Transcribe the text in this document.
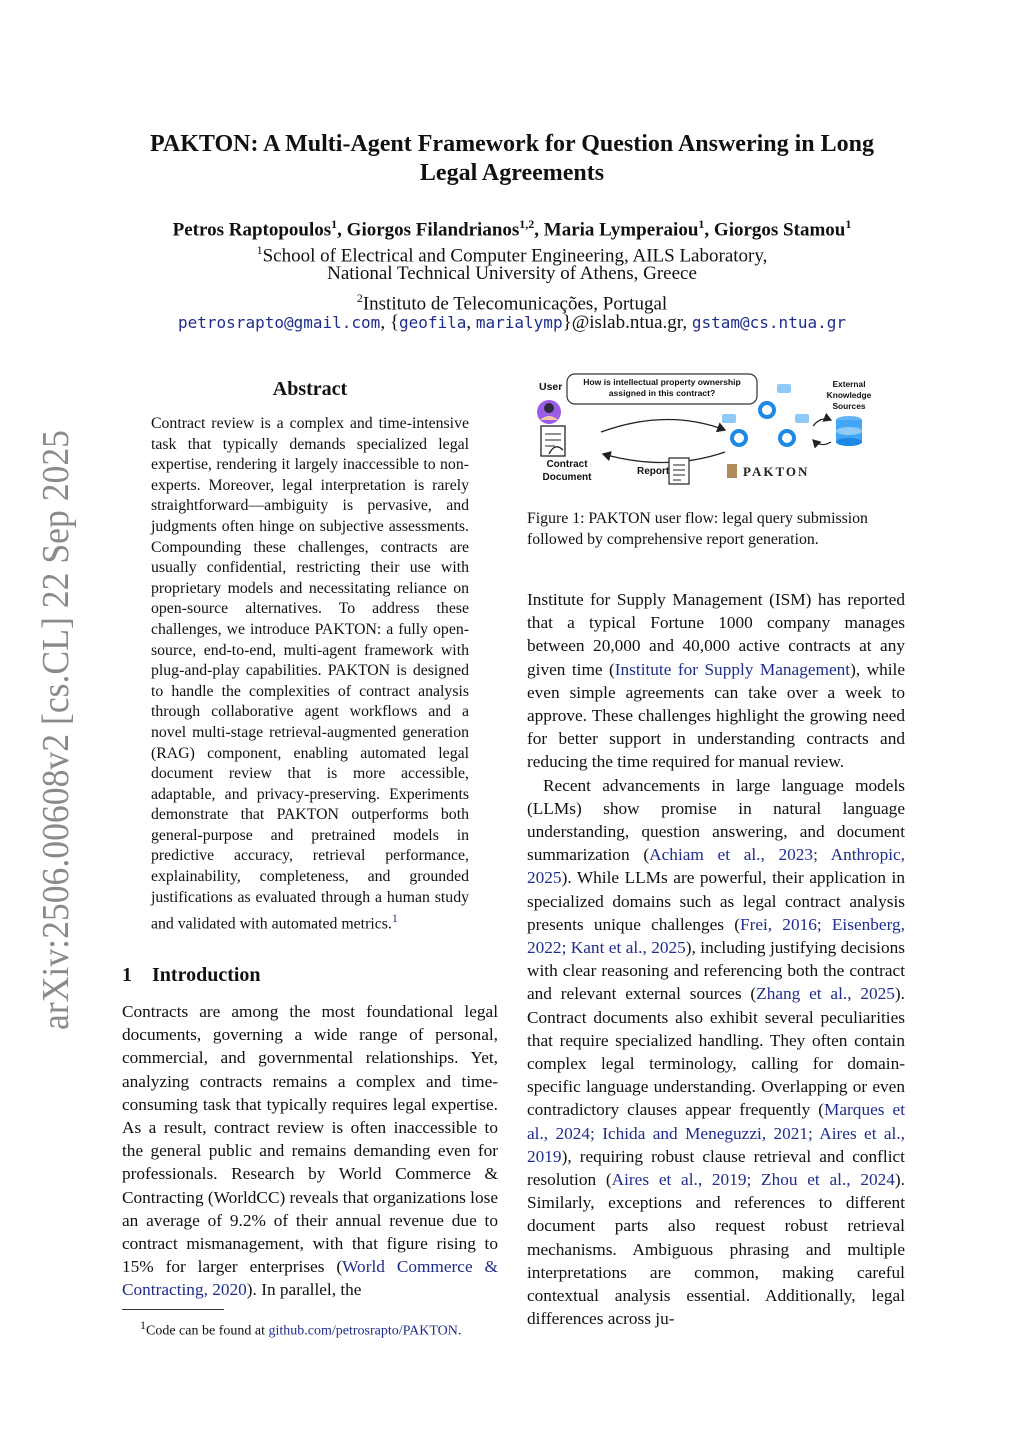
arXiv:2506.00608v2 [cs.CL] 22 Sep 2025
PAKTON: A Multi-Agent Framework for Question Answering in Long
Legal Agreements
Petros Raptopoulos$^1$, Giorgos Filandrianos$^{1,2}$, Maria Lymperaiou$^1$, Giorgos Stamou$^1$
$^1$School of Electrical and Computer Engineering, AILS Laboratory,
National Technical University of Athens, Greece
$^2$Instituto de Telecomunicações, Portugal
petrosrapto@gmail.com, {geofila, marialymp}@islab.ntua.gr, gstam@cs.ntua.gr
Abstract
Contract review is a complex and time-intensive task that typically demands specialized legal expertise, rendering it largely inaccessible to non-experts. Moreover, legal interpretation is rarely straightforward—ambiguity is pervasive, and judgments often hinge on subjective assessments. Compounding these challenges, contracts are usually confidential, restricting their use with proprietary models and necessitating reliance on open-source alternatives. To address these challenges, we introduce PAKTON: a fully open-source, end-to-end, multi-agent framework with plug-and-play capabilities. PAKTON is designed to handle the complexities of contract analysis through collaborative agent workflows and a novel multi-stage retrieval-augmented generation (RAG) component, enabling automated legal document review that is more accessible, adaptable, and privacy-preserving. Experiments demonstrate that PAKTON outperforms both general-purpose and pretrained models in predictive accuracy, retrieval performance, explainability, completeness, and grounded justifications as evaluated through a human study and validated with automated metrics.$^1$
1    Introduction

Contracts are among the most foundational legal documents, governing a wide range of personal, commercial, and governmental relationships. Yet, analyzing contracts remains a complex and time-consuming task that typically requires legal expertise. As a result, contract review is often inaccessible to the general public and remains demanding even for professionals. Research by World Commerce & Contracting (WorldCC) reveals that organizations lose an average of 9.2% of their annual revenue due to contract mismanagement, with that figure rising to 15% for larger enterprises (World Commerce & Contracting, 2020). In parallel, the

$^1$Code can be found at github.com/petrosrapto/PAKTON.
User How is intellectual property ownership
assigned in this contract?
Contract
Document
Report
External
Knowledge
Sources
PAKTON
Figure 1: PAKTON user flow: legal query submission followed by comprehensive report generation.

Institute for Supply Management (ISM) has reported that a typical Fortune 1000 company manages between 20,000 and 40,000 active contracts at any given time (Institute for Supply Management), while even simple agreements can take over a week to approve. These challenges highlight the growing need for better support in understanding contracts and reducing the time required for manual review.

Recent advancements in large language models (LLMs) show promise in natural language understanding, question answering, and document summarization (Achiam et al., 2023; Anthropic, 2025). While LLMs are powerful, their application in specialized domains such as legal contract analysis presents unique challenges (Frei, 2016; Eisenberg, 2022; Kant et al., 2025), including justifying decisions with clear reasoning and referencing both the contract and relevant external sources (Zhang et al., 2025). Contract documents also exhibit several peculiarities that require specialized handling. They often contain complex legal terminology, calling for domain-specific language understanding. Overlapping or even contradictory clauses appear frequently (Marques et al., 2024; Ichida and Meneguzzi, 2021; Aires et al., 2019), requiring robust clause retrieval and conflict resolution (Aires et al., 2019; Zhou et al., 2024). Similarly, exceptions and references to different document parts also request robust retrieval mechanisms. Ambiguous phrasing and multiple interpretations are common, making careful contextual analysis essential. Additionally, legal differences across ju-
